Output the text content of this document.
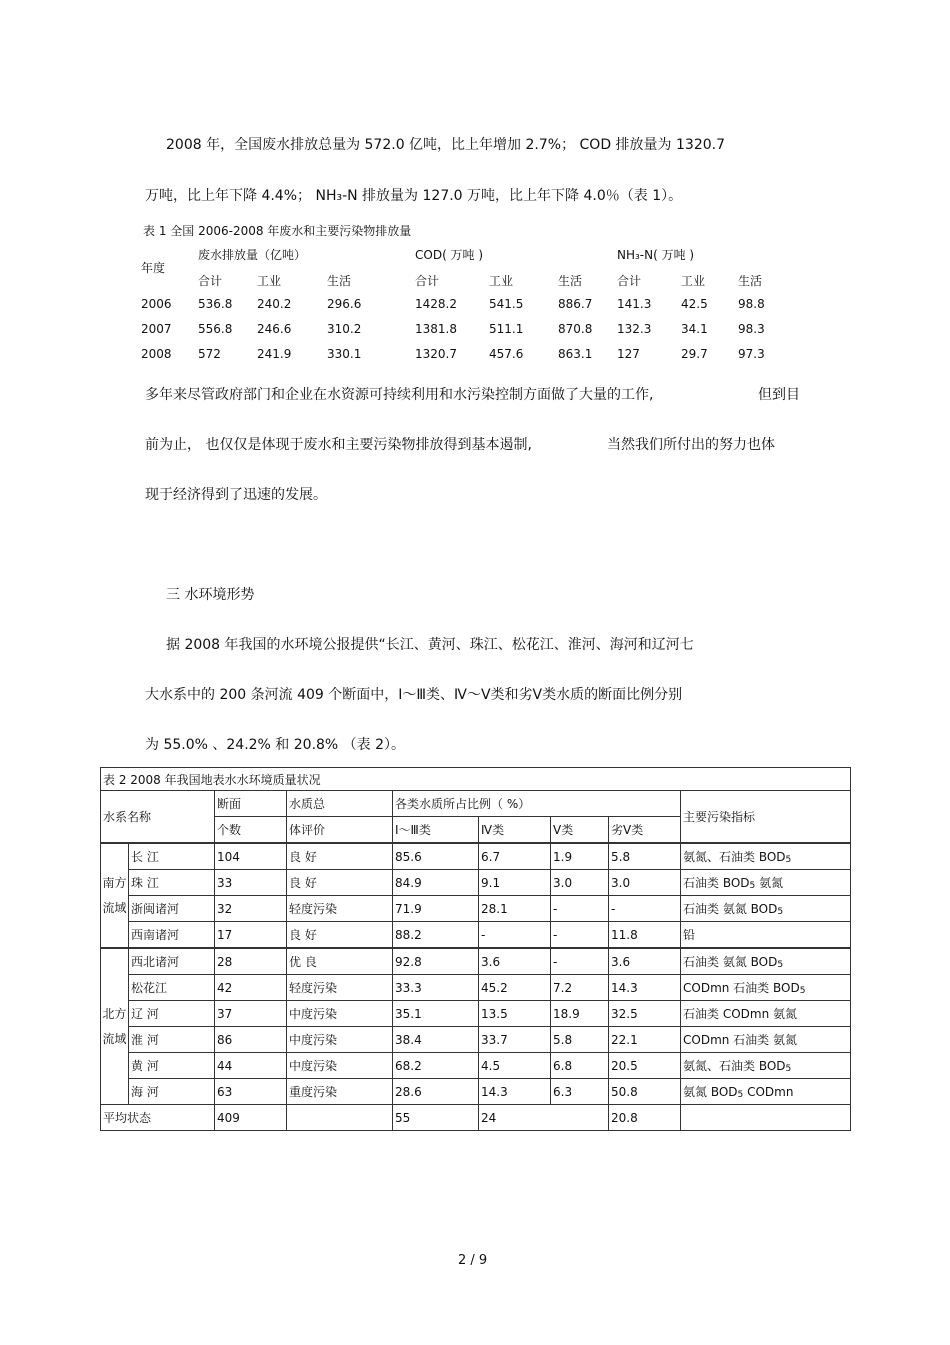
2008 年，全国废水排放总量为 572.0 亿吨，比上年增加 2.7%； COD 排放量为 1320.7
万吨，比上年下降 4.4%； NH₃-N 排放量为 127.0 万吨，比上年下降 4.0％（表 1）。
表 1 全国 2006-2008 年废水和主要污染物排放量
年度
废水排放量（亿吨）	COD( 万吨 )	NH₃-N( 万吨 )
合计	工业	生活	合计	工业	生活	合计	工业	生活
2006 536.8 240.2	296.6	1428.2	541.5	886.7 141.3 42.5	98.8
2007 556.8 246.6	310.2	1381.8	511.1	870.8 132.3 34.1	98.3
2008 572	241.9	330.1	1320.7	457.6	863.1 127	29.7	97.3
多年来尽管政府部门和企业在水资源可持续利用和水污染控制方面做了大量的工作,	但到目
前为止， 也仅仅是体现于废水和主要污染物排放得到基本遏制,	当然我们所付出的努力也体
现于经济得到了迅速的发展。
三 水环境形势
据 2008 年我国的水环境公报提供“长江、黄河、珠江、松花江、淮河、海河和辽河七
大水系中的 200 条河流 409 个断面中，Ⅰ～Ⅲ类、Ⅳ～Ⅴ类和劣Ⅴ类水质的断面比例分别
为 55.0% 、24.2% 和 20.8% （表 2）。
表 2 2008 年我国地表水水环境质量状况								
水系名称		断面	水质总	各类水质所占比例（ %）				主要污染指标
		个数	体评价	Ⅰ～Ⅲ类	Ⅳ类	Ⅴ类	劣Ⅴ类	
南方流域	长 江	104	良 好	85.6	6.7	1.9	5.8	氨氮、石油类 BOD5
	珠 江	33	良 好	84.9	9.1	3.0	3.0	石油类 BOD5 氨氮
	浙闽诸河	32	轻度污染	71.9	28.1	-	-	石油类 氨氮 BOD5
	西南诸河	17	良 好	88.2	-	-	11.8	铅
北方流域	西北诸河	28	优 良	92.8	3.6	-	3.6	石油类 氨氮 BOD5
	松花江	42	轻度污染	33.3	45.2	7.2	14.3	CODmn 石油类 BOD5
	辽 河	37	中度污染	35.1	13.5	18.9	32.5	石油类 CODmn 氨氮
	淮 河	86	中度污染	38.4	33.7	5.8	22.1	CODmn 石油类 氨氮
	黄 河	44	中度污染	68.2	4.5	6.8	20.5	氨氮、石油类 BOD5
	海 河	63	重度污染	28.6	14.3	6.3	50.8	氨氮 BOD5 CODmn
平均状态		409		55	24		20.8	
2 / 9
